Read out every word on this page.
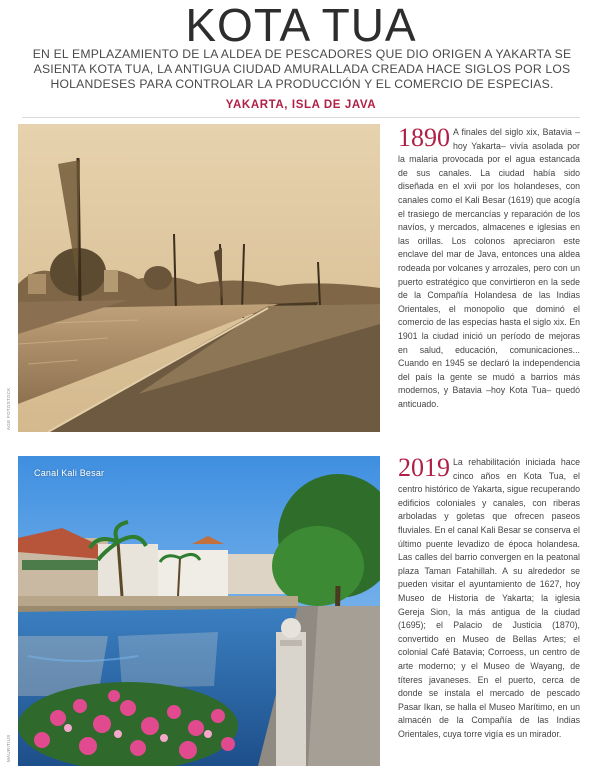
KOTA TUA
EN EL EMPLAZAMIENTO DE LA ALDEA DE PESCADORES QUE DIO ORIGEN A YAKARTA SE ASIENTA KOTA TUA, LA ANTIGUA CIUDAD AMURALLADA CREADA HACE SIGLOS POR LOS HOLANDESES PARA CONTROLAR LA PRODUCCIÓN Y EL COMERCIO DE ESPECIAS.
YAKARTA, ISLA DE JAVA
AGE FOTOSTOCK
1890 A finales del siglo xix, Batavia –hoy Yakarta– vivía asolada por la malaria provocada por el agua estancada de sus canales. La ciudad había sido diseñada en el xvii por los holandeses, con canales como el Kali Besar (1619) que acogía el trasiego de mercancías y reparación de los navíos, y mercados, almacenes e iglesias en las orillas. Los colonos apreciaron este enclave del mar de Java, entonces una aldea rodeada por volcanes y arrozales, pero con un puerto estratégico que convirtieron en la sede de la Compañía Holandesa de las Indias Orientales, el monopolio que dominó el comercio de las especias hasta el siglo xix. En 1901 la ciudad inició un período de mejoras en salud, educación, comunicaciones... Cuando en 1945 se declaró la independencia del país la gente se mudó a barrios más modernos, y Batavia –hoy Kota Tua– quedó anticuado.
Canal Kali Besar
MAURITIUS
2019 La rehabilitación iniciada hace cinco años en Kota Tua, el centro histórico de Yakarta, sigue recuperando edificios coloniales y canales, con riberas arboladas y goletas que ofrecen paseos fluviales. En el canal Kali Besar se conserva el último puente levadizo de época holandesa. Las calles del barrio convergen en la peatonal plaza Taman Fatahillah. A su alrededor se pueden visitar el ayuntamiento de 1627, hoy Museo de Historia de Yakarta; la iglesia Gereja Sion, la más antigua de la ciudad (1695); el Palacio de Justicia (1870), convertido en Museo de Bellas Artes; el colonial Café Batavia; Corroess, un centro de arte moderno; y el Museo de Wayang, de títeres javaneses. En el puerto, cerca de donde se instala el mercado de pescado Pasar Ikan, se halla el Museo Marítimo, en un almacén de la Compañía de las Indias Orientales, cuya torre vigía es un mirador.
